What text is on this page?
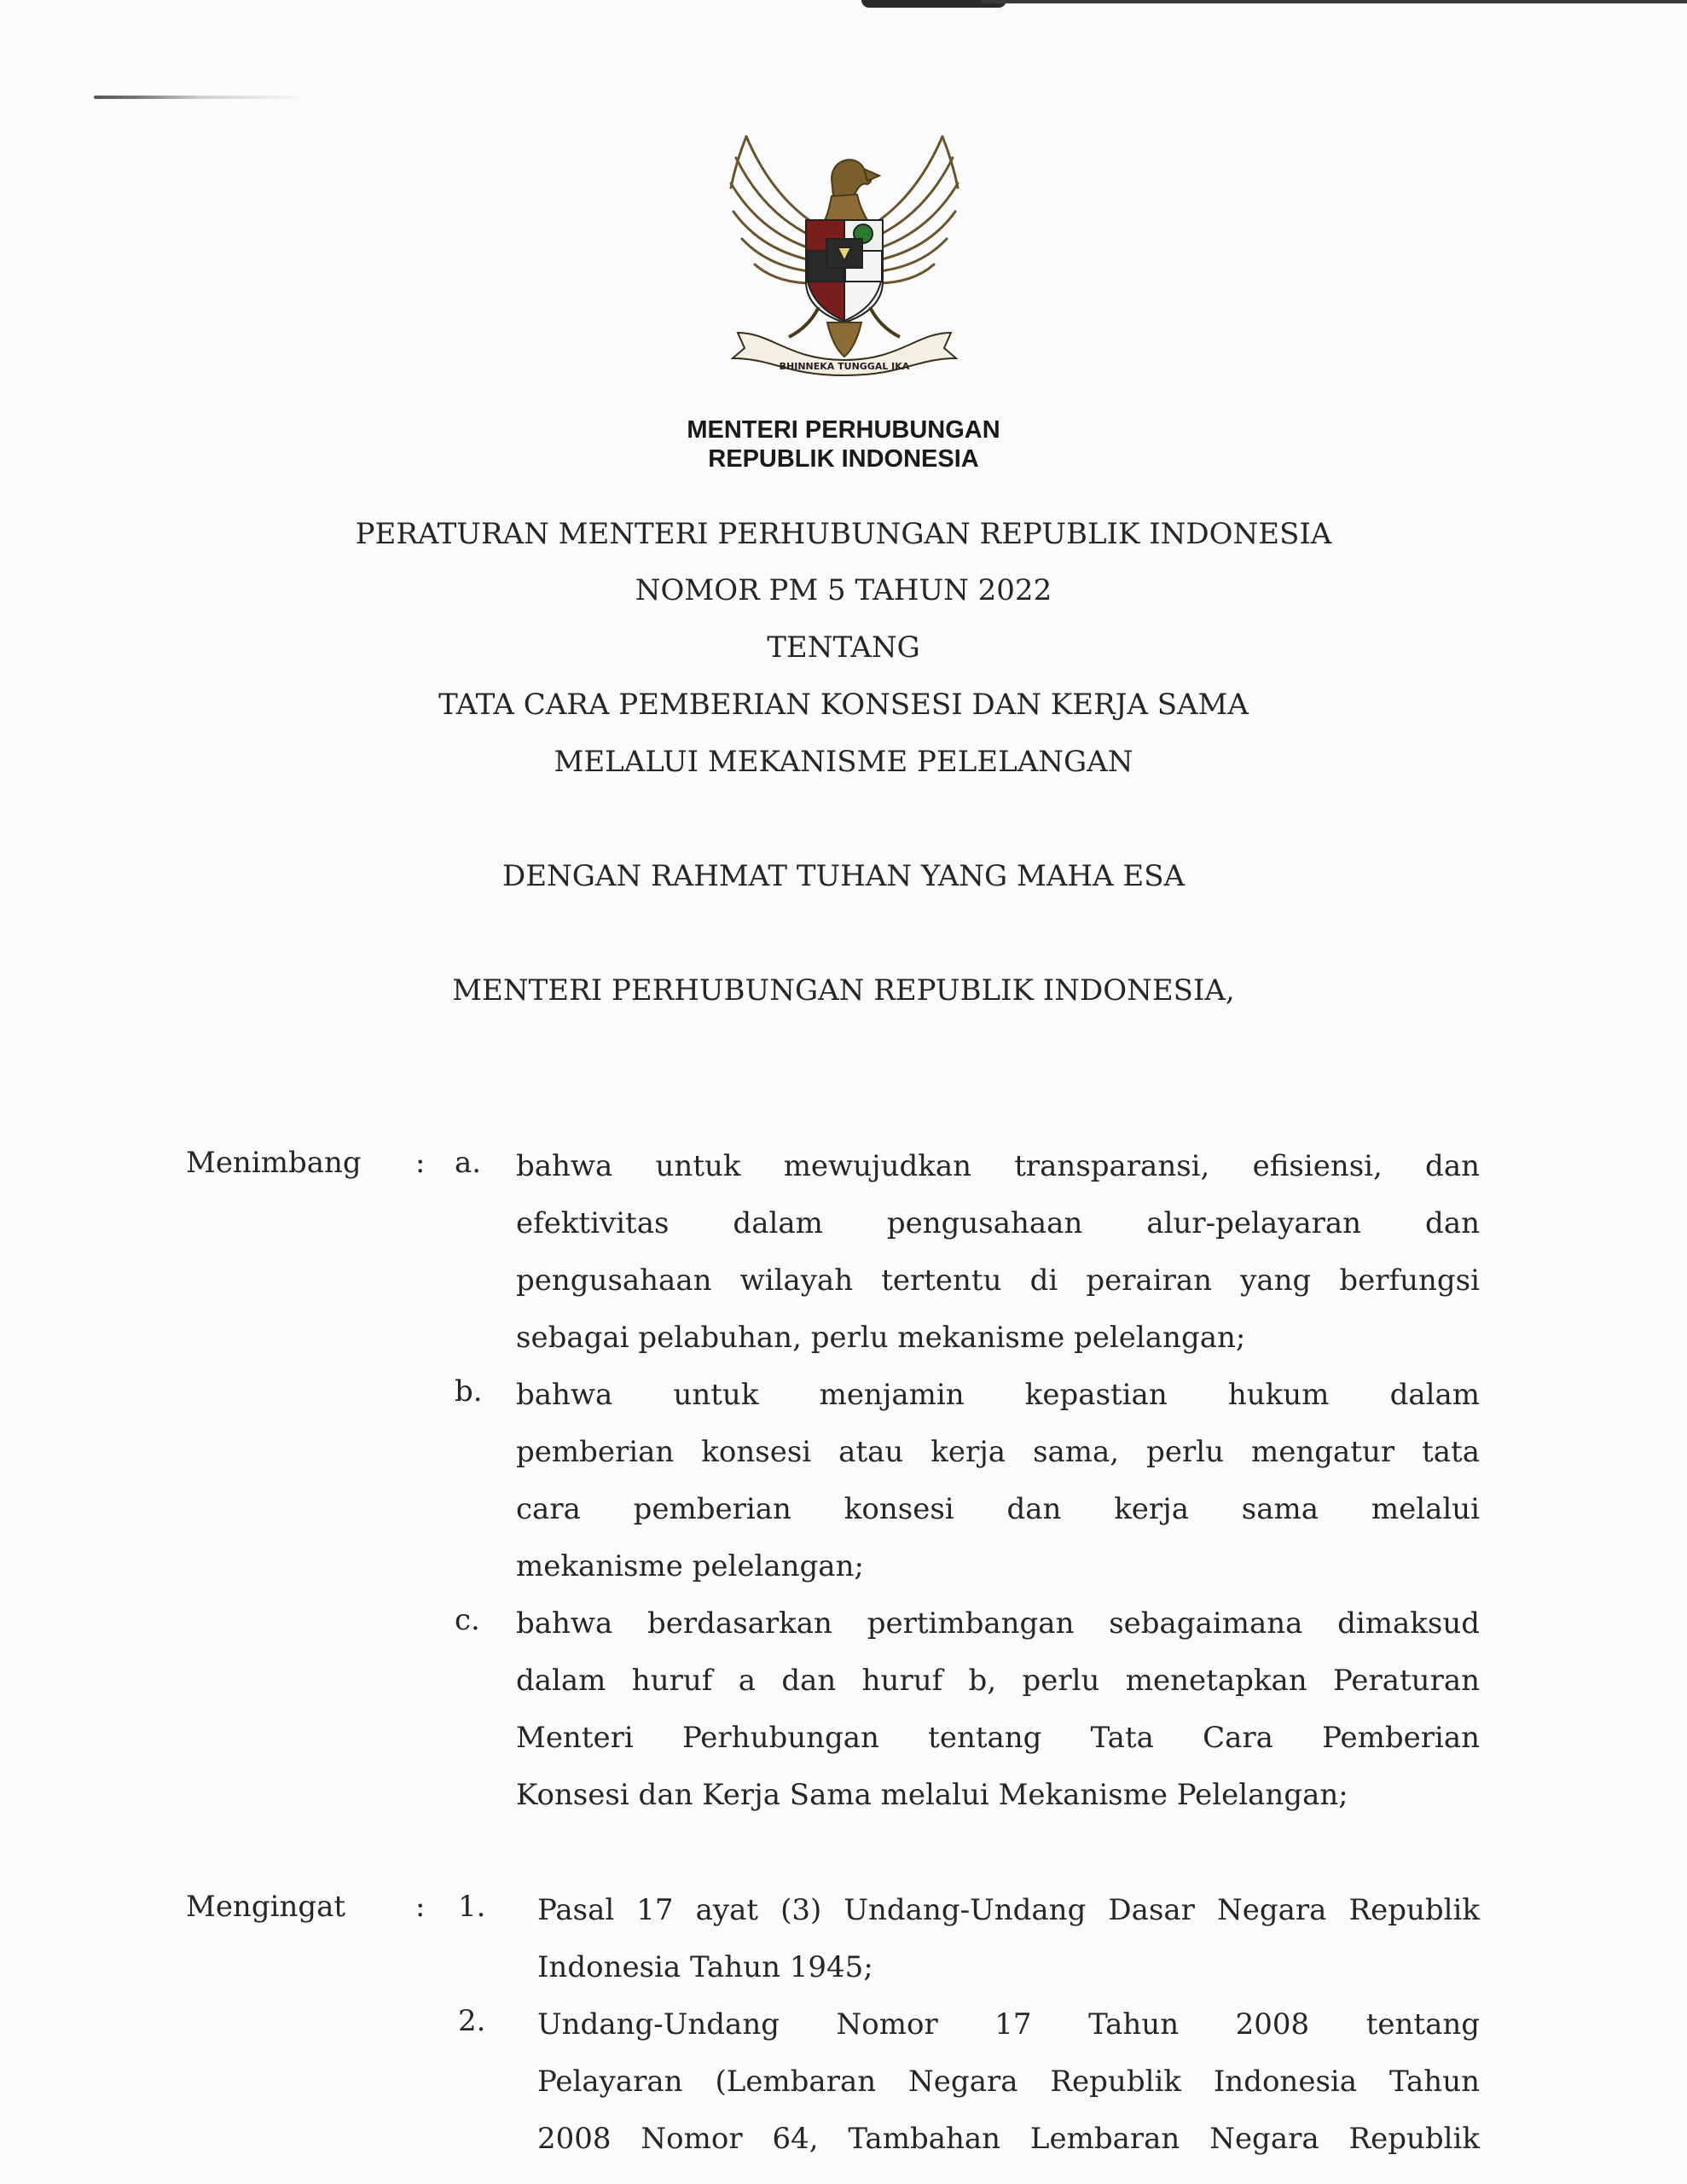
BHINNEKA TUNGGAL IKA
MENTERI PERHUBUNGAN
REPUBLIK INDONESIA
PERATURAN MENTERI PERHUBUNGAN REPUBLIK INDONESIA
NOMOR PM 5 TAHUN 2022
TENTANG
TATA CARA PEMBERIAN KONSESI DAN KERJA SAMA
MELALUI MEKANISME PELELANGAN
DENGAN RAHMAT TUHAN YANG MAHA ESA
MENTERI PERHUBUNGAN REPUBLIK INDONESIA,
Menimbang : a. bahwa untuk mewujudkan transparansi, efisiensi, dan
efektivitas dalam pengusahaan alur-pelayaran dan
pengusahaan wilayah tertentu di perairan yang berfungsi
sebagai pelabuhan, perlu mekanisme pelelangan;
b. bahwa untuk menjamin kepastian hukum dalam
pemberian konsesi atau kerja sama, perlu mengatur tata
cara pemberian konsesi dan kerja sama melalui
mekanisme pelelangan;
c. bahwa berdasarkan pertimbangan sebagaimana dimaksud
dalam huruf a dan huruf b, perlu menetapkan Peraturan
Menteri Perhubungan tentang Tata Cara Pemberian
Konsesi dan Kerja Sama melalui Mekanisme Pelelangan;
Mengingat : 1. Pasal 17 ayat (3) Undang-Undang Dasar Negara Republik
Indonesia Tahun 1945;
2. Undang-Undang Nomor 17 Tahun 2008 tentang
Pelayaran (Lembaran Negara Republik Indonesia Tahun
2008 Nomor 64, Tambahan Lembaran Negara Republik
